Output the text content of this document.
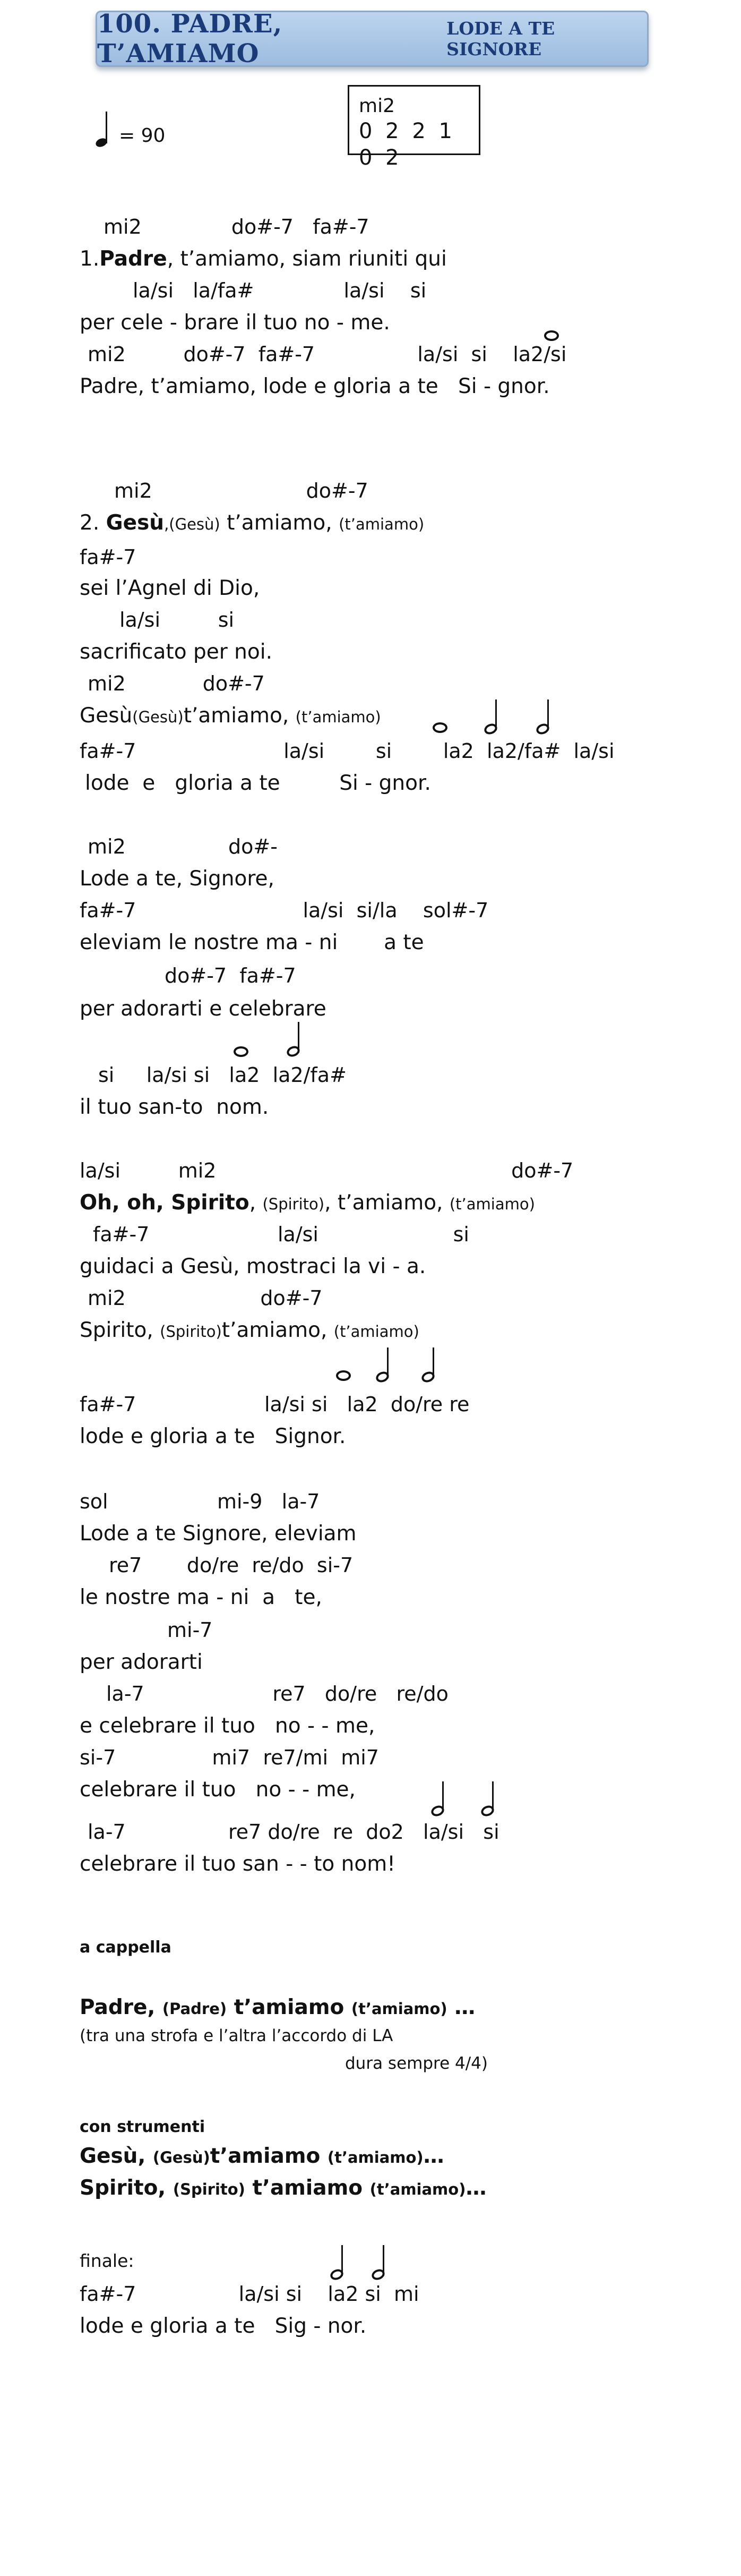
100. PADRE, T’AMIAMO
LODE A TE SIGNORE
= 90
mi2
0 2 2 1 0 2
mi2              do#-7   fa#-7
1.Padre, t’amiamo, siam riuniti qui
la/si   la/fa#              la/si    si
per cele - brare il tuo no - me.
mi2         do#-7  fa#-7                la/si  si    la2/si
Padre, t’amiamo, lode e gloria a te   Si - gnor.
mi2                        do#-7
2. Gesù,(Gesù) t’amiamo, (t’amiamo)
fa#-7
sei l’Agnel di Dio,
la/si         si
sacrificato per noi.
mi2            do#-7
Gesù(Gesù)t’amiamo, (t’amiamo)
fa#-7                       la/si        si        la2  la2/fa#  la/si
lode  e   gloria a te         Si - gnor.
mi2                do#-
Lode a te, Signore,
fa#-7                          la/si  si/la    sol#-7
eleviam le nostre ma - ni       a te
do#-7  fa#-7
per adorarti e celebrare
si     la/si si   la2  la2/fa#
il tuo san-to  nom.
la/si         mi2                                              do#-7
Oh, oh, Spirito, (Spirito), t’amiamo, (t’amiamo)
fa#-7                    la/si                     si
guidaci a Gesù, mostraci la vi - a.
mi2                     do#-7
Spirito, (Spirito)t’amiamo, (t’amiamo)
fa#-7                    la/si si   la2  do/re re
lode e gloria a te   Signor.
sol                 mi-9   la-7
Lode a te Signore, eleviam
re7       do/re  re/do  si-7
le nostre ma - ni  a   te,
mi-7
per adorarti
la-7                    re7   do/re   re/do
e celebrare il tuo   no - - me,
si-7               mi7  re7/mi  mi7
celebrare il tuo   no - - me,
la-7                re7 do/re  re  do2   la/si   si
celebrare il tuo san - - to nom!
a cappella
Padre, (Padre) t’amiamo (t’amiamo) …
(tra una strofa e l’altra l’accordo di LA
dura sempre 4/4)
con strumenti
Gesù, (Gesù)t’amiamo (t’amiamo)…
Spirito, (Spirito) t’amiamo (t’amiamo)…
finale:
fa#-7                la/si si    la2 si  mi
lode e gloria a te   Sig - nor.
